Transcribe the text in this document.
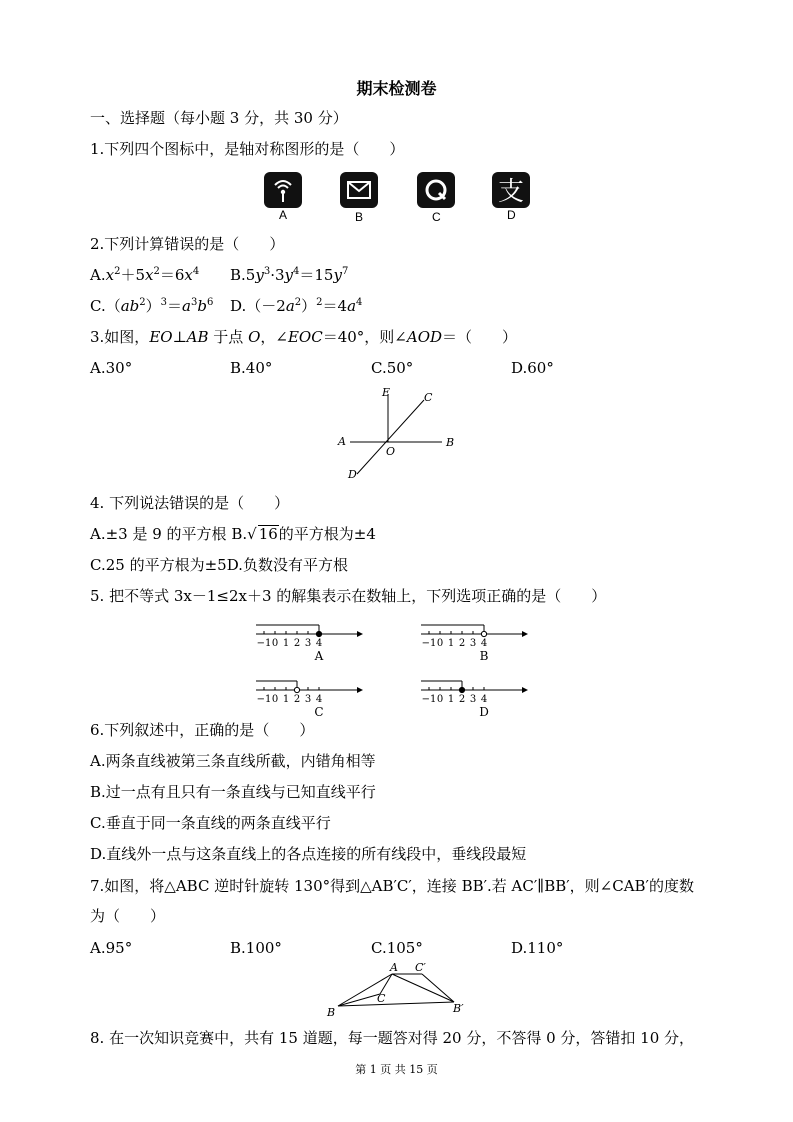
期末检测卷
一、选择题（每小题 3 分，共 30 分）
1.下列四个图标中，是轴对称图形的是（　　）
支
A	B	C	D
2.下列计算错误的是（　　）
$A.x^2+5x^2=6x^4$ $B.5y^3\cdot 3y^4=15y^7$
$C.(ab^2)^3=a^3b^6$ $D.(-2a^2)^2=4a^4$
3.如图，EO⊥AB 于点 O，∠EOC＝40°，则∠AOD＝（　　）
A.30°	B.40°	C.50°	D.60°
E	C
A
O
B
D
4. 下列说法错误的是（　　）
A.±3 是 9 的平方根 B.√ 16的平方根为±4
C.25 的平方根为±5D.负数没有平方根
5. 把不等式 3x－1≤2x＋3 的解集表示在数轴上，下列选项正确的是（　　）
−1 0 1 2 3 4
A
−1 0 1 2 3 4
B
−1 0 1 2 3 4
C
−1 0 1 2 3 4
D
6.下列叙述中，正确的是（　　）
A.两条直线被第三条直线所截，内错角相等
B.过一点有且只有一条直线与已知直线平行
C.垂直于同一条直线的两条直线平行
D.直线外一点与这条直线上的各点连接的所有线段中，垂线段最短
7.如图，将△ABC 逆时针旋转 130°得到△AB′C′，连接 BB′.若 AC′∥BB′，则∠CAB′的度数
为（　　）
A.95°	B.100°	C.105°	D.110°
A C′
C
B	B′
8. 在一次知识竞赛中，共有 15 道题，每一题答对得 20 分，不答得 0 分，答错扣 10 分，
第 1 页 共 15 页
